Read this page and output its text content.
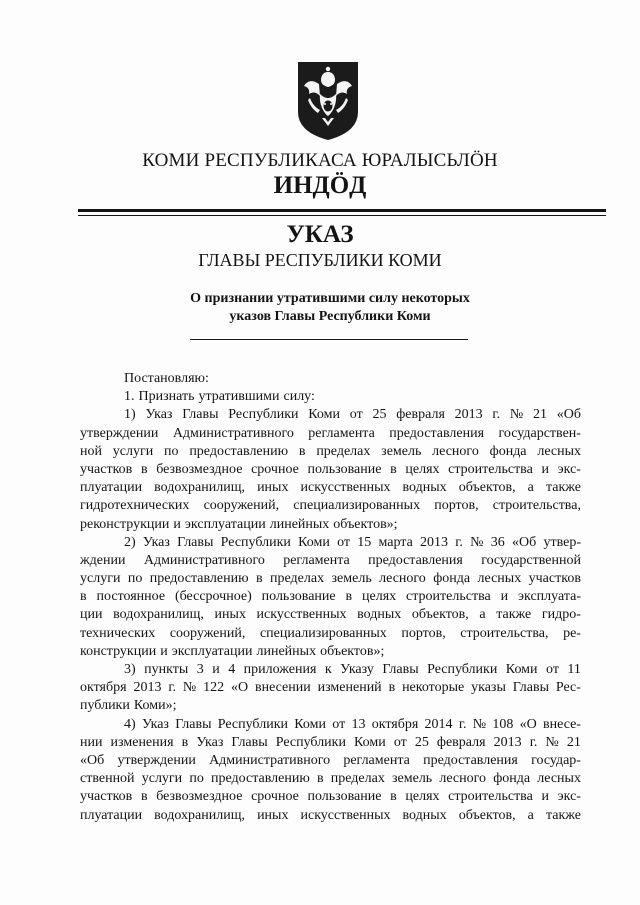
КОМИ РЕСПУБЛИКАСА ЮРАЛЫСЬЛӦН
ИНДӦД
УКАЗ
ГЛАВЫ РЕСПУБЛИКИ КОМИ
О признании утратившими силу некоторых
указов Главы Республики Коми
Постановляю:
1. Признать утратившими силу:
1) Указ Главы Республики Коми от 25 февраля 2013 г. № 21 «Об
утверждении Административного регламента предоставления государствен-
ной услуги по предоставлению в пределах земель лесного фонда лесных
участков в безвозмездное срочное пользование в целях строительства и экс-
плуатации водохранилищ, иных искусственных водных объектов, а также
гидротехнических сооружений, специализированных портов, строительства,
реконструкции и эксплуатации линейных объектов»;
2) Указ Главы Республики Коми от 15 марта 2013 г. № 36 «Об утвер-
ждении Административного регламента предоставления государственной
услуги по предоставлению в пределах земель лесного фонда лесных участков
в постоянное (бессрочное) пользование в целях строительства и эксплуата-
ции водохранилищ, иных искусственных водных объектов, а также гидро-
технических сооружений, специализированных портов, строительства, ре-
конструкции и эксплуатации линейных объектов»;
3) пункты 3 и 4 приложения к Указу Главы Республики Коми от 11
октября 2013 г. № 122 «О внесении изменений в некоторые указы Главы Рес-
публики Коми»;
4) Указ Главы Республики Коми от 13 октября 2014 г. № 108 «О внесе-
нии изменения в Указ Главы Республики Коми от 25 февраля 2013 г. № 21
«Об утверждении Административного регламента предоставления государ-
ственной услуги по предоставлению в пределах земель лесного фонда лесных
участков в безвозмездное срочное пользование в целях строительства и экс-
плуатации водохранилищ, иных искусственных водных объектов, а также
